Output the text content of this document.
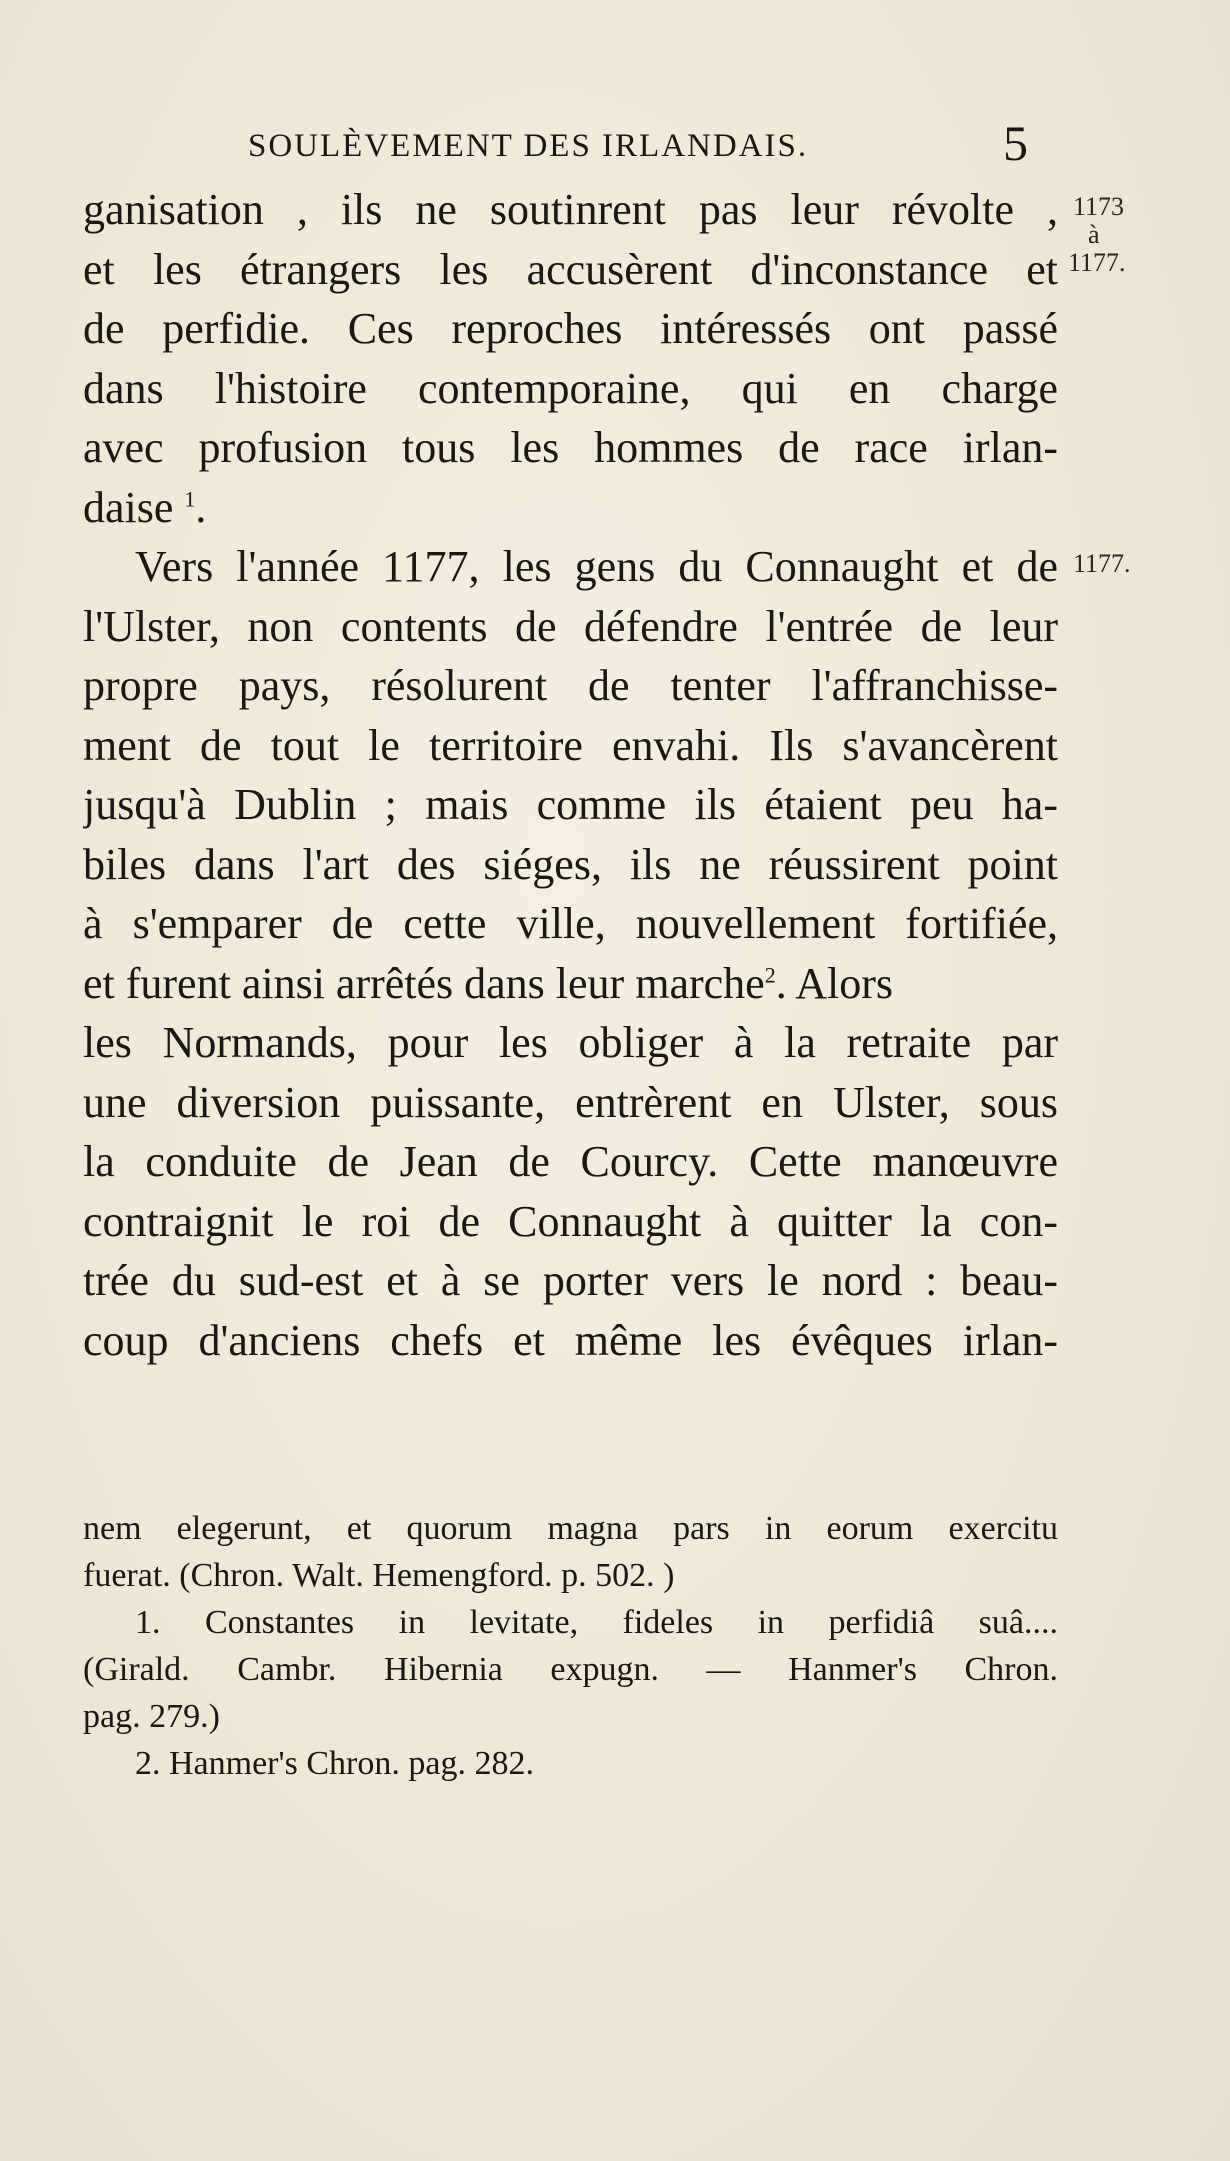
SOULÈVEMENT DES IRLANDAIS.	5
1173
à
1177.
1177.
ganisation , ils ne soutinrent pas leur révolte ,
et les étrangers les accusèrent d'inconstance et
de perfidie. Ces reproches intéressés ont passé
dans l'histoire contemporaine, qui en charge
avec profusion tous les hommes de race irlan-
daise $^1$.
Vers l'année 1177, les gens du Connaught et de
l'Ulster, non contents de défendre l'entrée de leur
propre pays, résolurent de tenter l'affranchisse-
ment de tout le territoire envahi. Ils s'avancèrent
jusqu'à Dublin ; mais comme ils étaient peu ha-
biles dans l'art des siéges, ils ne réussirent point
à s'emparer de cette ville, nouvellement fortifiée,
et furent ainsi arrêtés dans leur marche$^2$. Alors
les Normands, pour les obliger à la retraite par
une diversion puissante, entrèrent en Ulster, sous
la conduite de Jean de Courcy. Cette manœuvre
contraignit le roi de Connaught à quitter la con-
trée du sud-est et à se porter vers le nord : beau-
coup d'anciens chefs et même les évêques irlan-
nem elegerunt, et quorum magna pars in eorum exercitu
fuerat. (Chron. Walt. Hemengford. p. 502. )
1. Constantes in levitate, fideles in perfidiâ suâ....
(Girald. Cambr. Hibernia expugn. — Hanmer's Chron.
pag. 279.)
2. Hanmer's Chron. pag. 282.
